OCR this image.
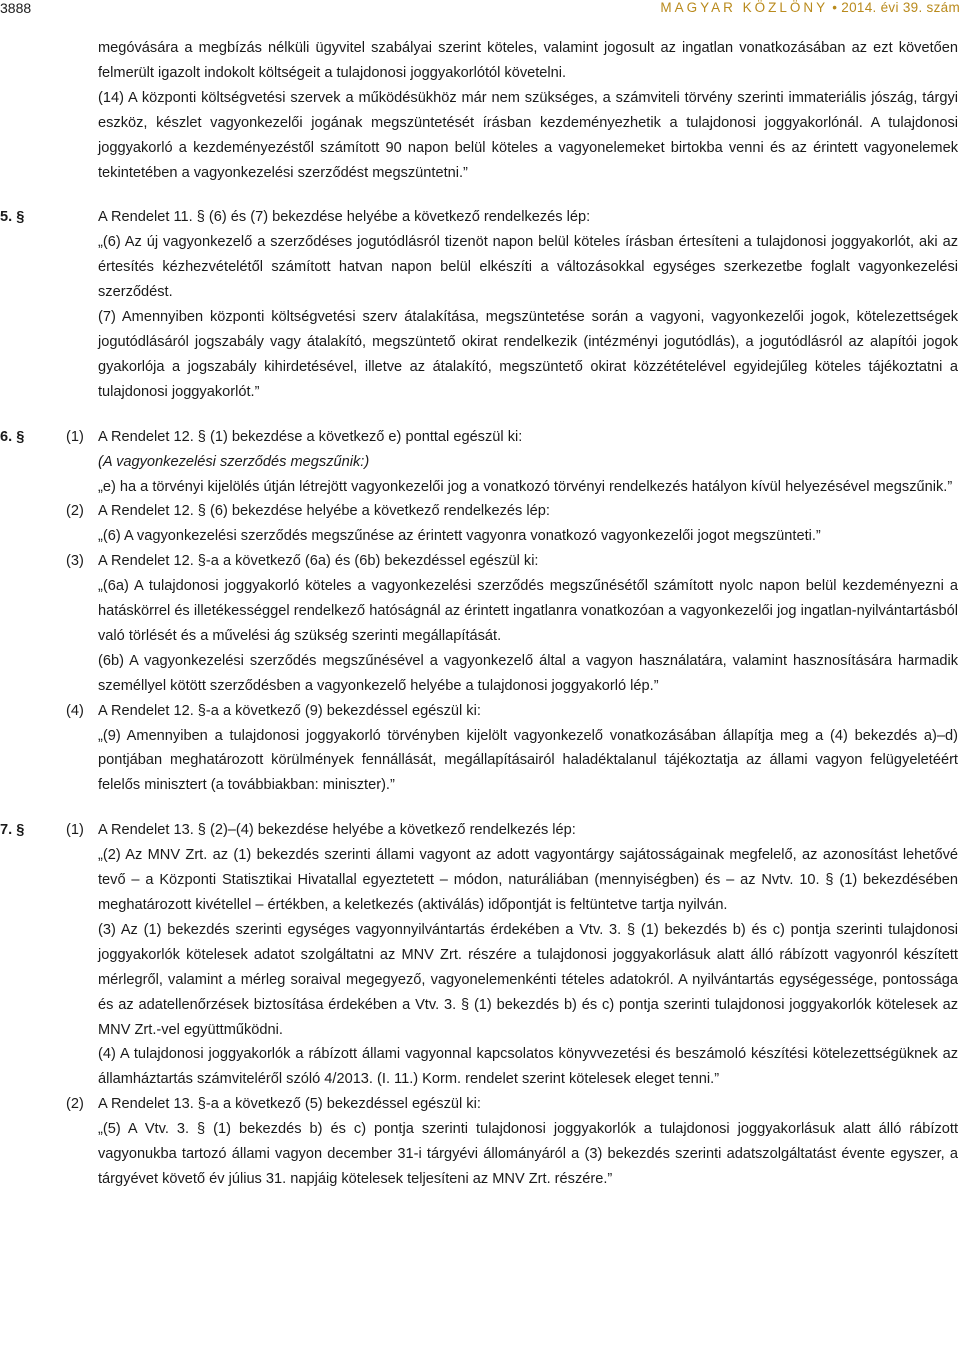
3888	MAGYAR KÖZLÖNY • 2014. évi 39. szám

megóvására a megbízás nélküli ügyvitel szabályai szerint köteles, valamint jogosult az ingatlan vonatkozásában az ezt követően felmerült igazolt indokolt költségeit a tulajdonosi joggyakorlótól követelni.

(14) A központi költségvetési szervek a működésükhöz már nem szükséges, a számviteli törvény szerinti immateriális jószág, tárgyi eszköz, készlet vagyonkezelői jogának megszüntetését írásban kezdeményezhetik a tulajdonosi joggyakorlónál. A tulajdonosi joggyakorló a kezdeményezéstől számított 90 napon belül köteles a vagyonelemeket birtokba venni és az érintett vagyonelemek tekintetében a vagyonkezelési szerződést megszüntetni.”

5. §	A Rendelet 11. § (6) és (7) bekezdése helyébe a következő rendelkezés lép:

„(6) Az új vagyonkezelő a szerződéses jogutódlásról tizenöt napon belül köteles írásban értesíteni a tulajdonosi joggyakorlót, aki az értesítés kézhezvételétől számított hatvan napon belül elkészíti a változásokkal egységes szerkezetbe foglalt vagyonkezelési szerződést.

(7) Amennyiben központi költségvetési szerv átalakítása, megszüntetése során a vagyoni, vagyonkezelői jogok, kötelezettségek jogutódlásáról jogszabály vagy átalakító, megszüntető okirat rendelkezik (intézményi jogutódlás), a jogutódlásról az alapítói jogok gyakorlója a jogszabály kihirdetésével, illetve az átalakító, megszüntető okirat közzétételével egyidejűleg köteles tájékoztatni a tulajdonosi joggyakorlót.”

6. §	(1) A Rendelet 12. § (1) bekezdése a következő e) ponttal egészül ki:

(A vagyonkezelési szerződés megszűnik:)

„e) ha a törvényi kijelölés útján létrejött vagyonkezelői jog a vonatkozó törvényi rendelkezés hatályon kívül helyezésével megszűnik.”

(2) A Rendelet 12. § (6) bekezdése helyébe a következő rendelkezés lép:

„(6) A vagyonkezelési szerződés megszűnése az érintett vagyonra vonatkozó vagyonkezelői jogot megszünteti.”

(3) A Rendelet 12. §-a a következő (6a) és (6b) bekezdéssel egészül ki:

„(6a) A tulajdonosi joggyakorló köteles a vagyonkezelési szerződés megszűnésétől számított nyolc napon belül kezdeményezni a hatáskörrel és illetékességgel rendelkező hatóságnál az érintett ingatlanra vonatkozóan a vagyonkezelői jog ingatlan-nyilvántartásból való törlését és a művelési ág szükség szerinti megállapítását.

(6b) A vagyonkezelési szerződés megszűnésével a vagyonkezelő által a vagyon használatára, valamint hasznosítására harmadik személlyel kötött szerződésben a vagyonkezelő helyébe a tulajdonosi joggyakorló lép.”

(4) A Rendelet 12. §-a a következő (9) bekezdéssel egészül ki:

„(9) Amennyiben a tulajdonosi joggyakorló törvényben kijelölt vagyonkezelő vonatkozásában állapítja meg a (4) bekezdés a)–d) pontjában meghatározott körülmények fennállását, megállapításairól haladéktalanul tájékoztatja az állami vagyon felügyeletéért felelős minisztert (a továbbiakban: miniszter).”

7. §	(1) A Rendelet 13. § (2)–(4) bekezdése helyébe a következő rendelkezés lép:

„(2) Az MNV Zrt. az (1) bekezdés szerinti állami vagyont az adott vagyontárgy sajátosságainak megfelelő, az azonosítást lehetővé tevő – a Központi Statisztikai Hivatallal egyeztetett – módon, naturáliában (mennyiségben) és – az Nvtv. 10. § (1) bekezdésében meghatározott kivétellel – értékben, a keletkezés (aktiválás) időpontját is feltüntetve tartja nyilván.

(3) Az (1) bekezdés szerinti egységes vagyonnyilvántartás érdekében a Vtv. 3. § (1) bekezdés b) és c) pontja szerinti tulajdonosi joggyakorlók kötelesek adatot szolgáltatni az MNV Zrt. részére a tulajdonosi joggyakorlásuk alatt álló rábízott vagyonról készített mérlegről, valamint a mérleg soraival megegyező, vagyonelemenkénti tételes adatokról. A nyilvántartás egységessége, pontossága és az adatellenőrzések biztosítása érdekében a Vtv. 3. § (1) bekezdés b) és c) pontja szerinti tulajdonosi joggyakorlók kötelesek az MNV Zrt.-vel együttműködni.

(4) A tulajdonosi joggyakorlók a rábízott állami vagyonnal kapcsolatos könyvvezetési és beszámoló készítési kötelezettségüknek az államháztartás számviteléről szóló 4/2013. (I. 11.) Korm. rendelet szerint kötelesek eleget tenni.”

(2) A Rendelet 13. §-a a következő (5) bekezdéssel egészül ki:

„(5) A Vtv. 3. § (1) bekezdés b) és c) pontja szerinti tulajdonosi joggyakorlók a tulajdonosi joggyakorlásuk alatt álló rábízott vagyonukba tartozó állami vagyon december 31-i tárgyévi állományáról a (3) bekezdés szerinti adatszolgáltatást évente egyszer, a tárgyévet követő év július 31. napjáig kötelesek teljesíteni az MNV Zrt. részére.”
